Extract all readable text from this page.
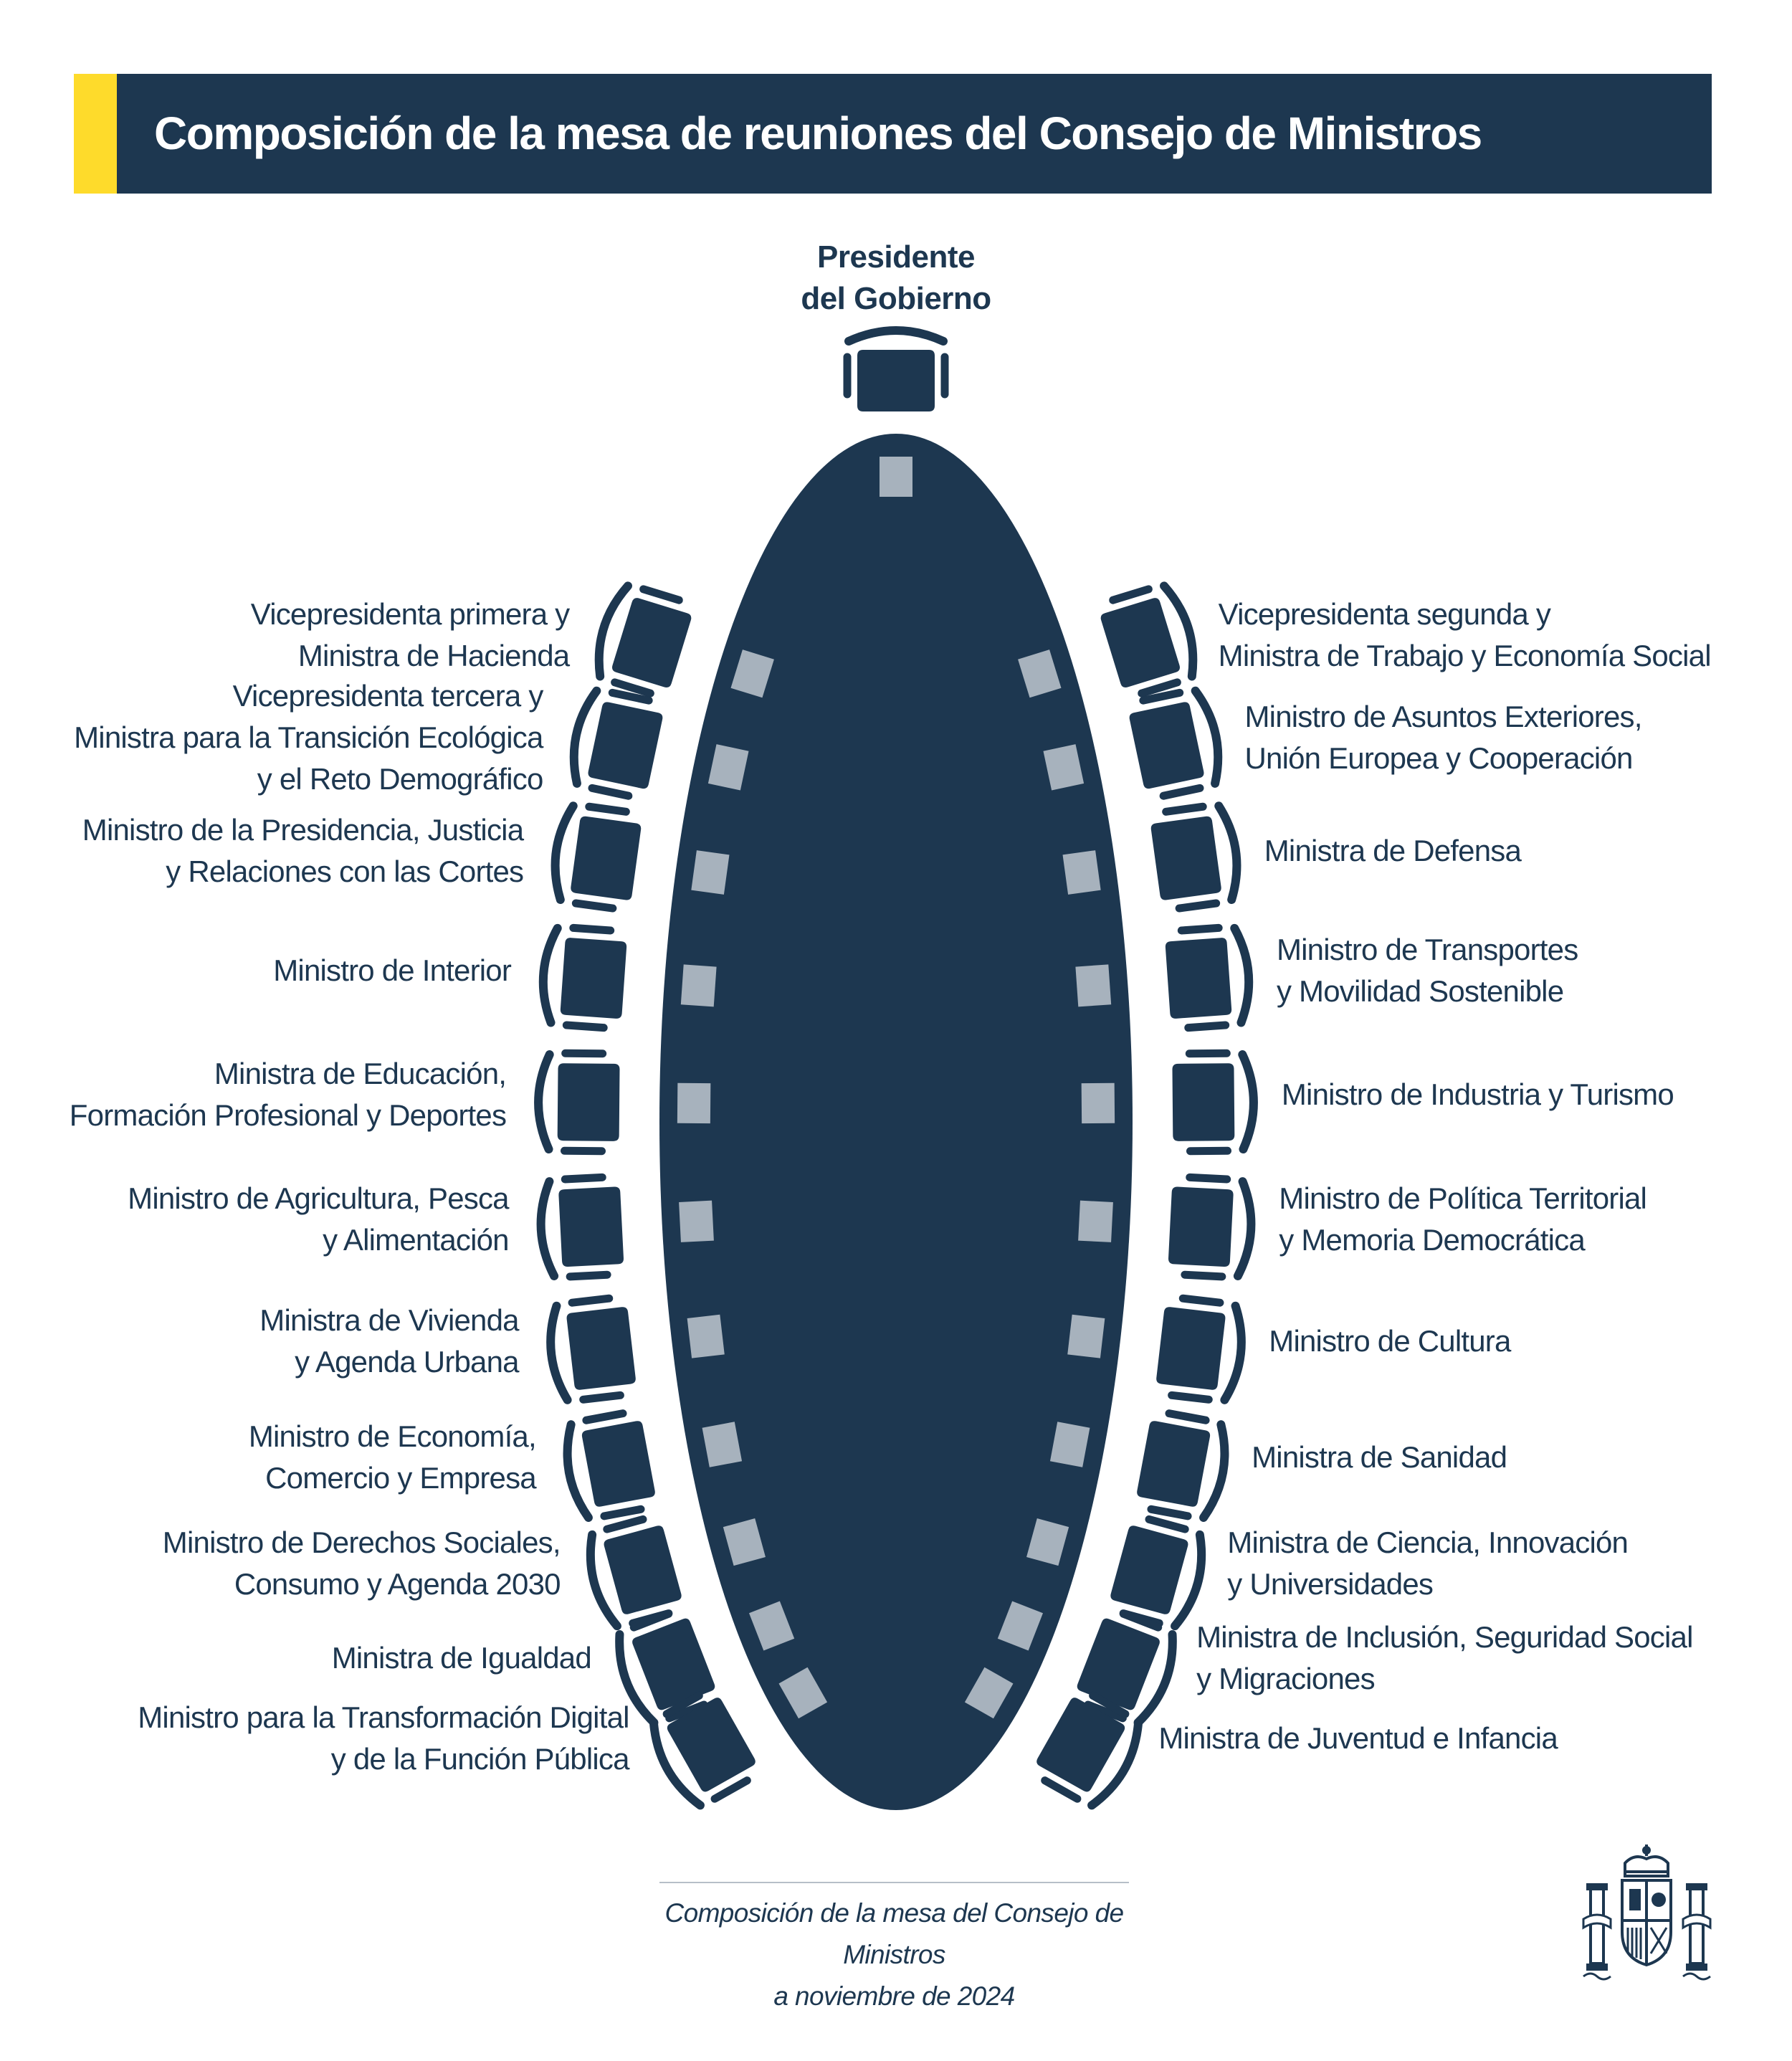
Composición de la mesa de reuniones del Consejo de Ministros
Presidente
del Gobierno
Vicepresidenta primera y
Ministra de Hacienda
Vicepresidenta tercera y
Ministra para la Transición Ecológica
y el Reto Demográfico
Ministro de la Presidencia, Justicia
y Relaciones con las Cortes
Ministro de Interior
Ministra de Educación,
Formación Profesional y Deportes
Ministro de Agricultura, Pesca
y Alimentación
Ministra de Vivienda
y Agenda Urbana
Ministro de Economía,
Comercio y Empresa
Ministro de Derechos Sociales,
Consumo y Agenda 2030
Ministra de Igualdad
Ministro para la Transformación Digital
y de la Función Pública
Vicepresidenta segunda y
Ministra de Trabajo y Economía Social
Ministro de Asuntos Exteriores,
Unión Europea y Cooperación
Ministra de Defensa
Ministro de Transportes
y Movilidad Sostenible
Ministro de Industria y Turismo
Ministro de Política Territorial
y Memoria Democrática
Ministro de Cultura
Ministra de Sanidad
Ministra de Ciencia, Innovación
y Universidades
Ministra de Inclusión, Seguridad Social
y Migraciones
Ministra de Juventud e Infancia
Composición de la mesa del Consejo de Ministros
a noviembre de 2024
